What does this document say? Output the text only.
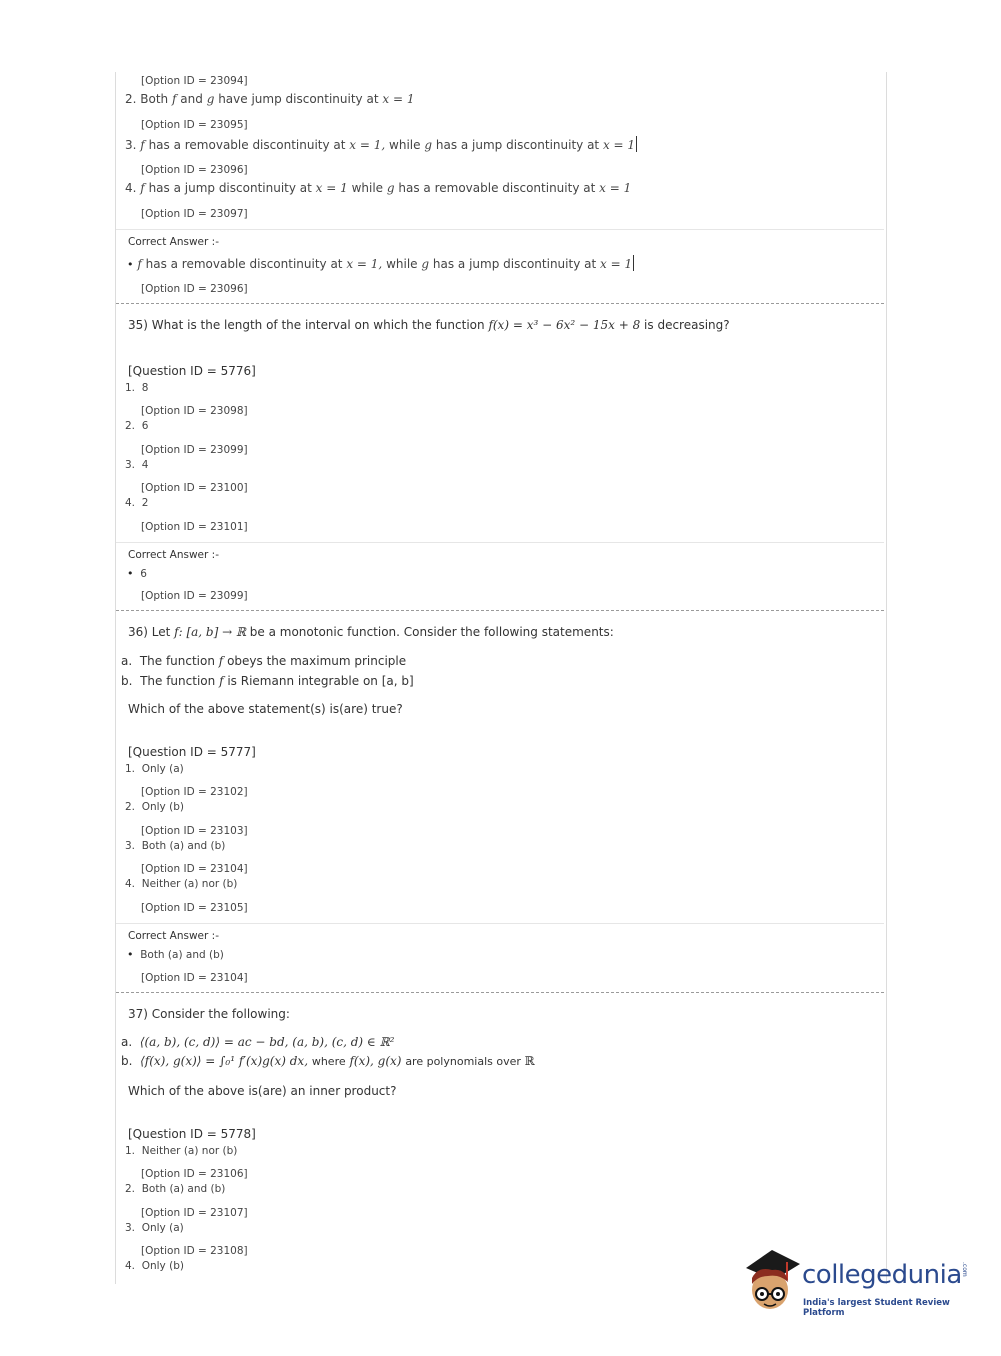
[Option ID = 23094]
2. Both f and g have jump discontinuity at x = 1
[Option ID = 23095]
3. f has a removable discontinuity at x = 1, while g has a jump discontinuity at x = 1
[Option ID = 23096]
4. f has a jump discontinuity at x = 1 while g has a removable discontinuity at x = 1
[Option ID = 23097]
Correct Answer :-
• f has a removable discontinuity at x = 1, while g has a jump discontinuity at x = 1
[Option ID = 23096]
35) What is the length of the interval on which the function f(x) = x³ − 6x² − 15x + 8 is decreasing?
[Question ID = 5776]
1. 8
[Option ID = 23098]
2. 6
[Option ID = 23099]
3. 4
[Option ID = 23100]
4. 2
[Option ID = 23101]
Correct Answer :-
• 6
[Option ID = 23099]
36) Let f: [a, b] → ℝ be a monotonic function. Consider the following statements:
a. The function f obeys the maximum principle
b. The function f is Riemann integrable on [a, b]
Which of the above statement(s) is(are) true?
[Question ID = 5777]
1. Only (a)
[Option ID = 23102]
2. Only (b)
[Option ID = 23103]
3. Both (a) and (b)
[Option ID = 23104]
4. Neither (a) nor (b)
[Option ID = 23105]
Correct Answer :-
• Both (a) and (b)
[Option ID = 23104]
37) Consider the following:
a. ⟨(a, b), (c, d)⟩ = ac − bd, (a, b), (c, d) ∈ ℝ²
b. ⟨f(x), g(x)⟩ = ∫₀¹ f′(x)g(x) dx, where f(x), g(x) are polynomials over ℝ
Which of the above is(are) an inner product?
[Question ID = 5778]
1. Neither (a) nor (b)
[Option ID = 23106]
2. Both (a) and (b)
[Option ID = 23107]
3. Only (a)
[Option ID = 23108]
4. Only (b)	collegedunia .com
India's largest Student Review Platform
